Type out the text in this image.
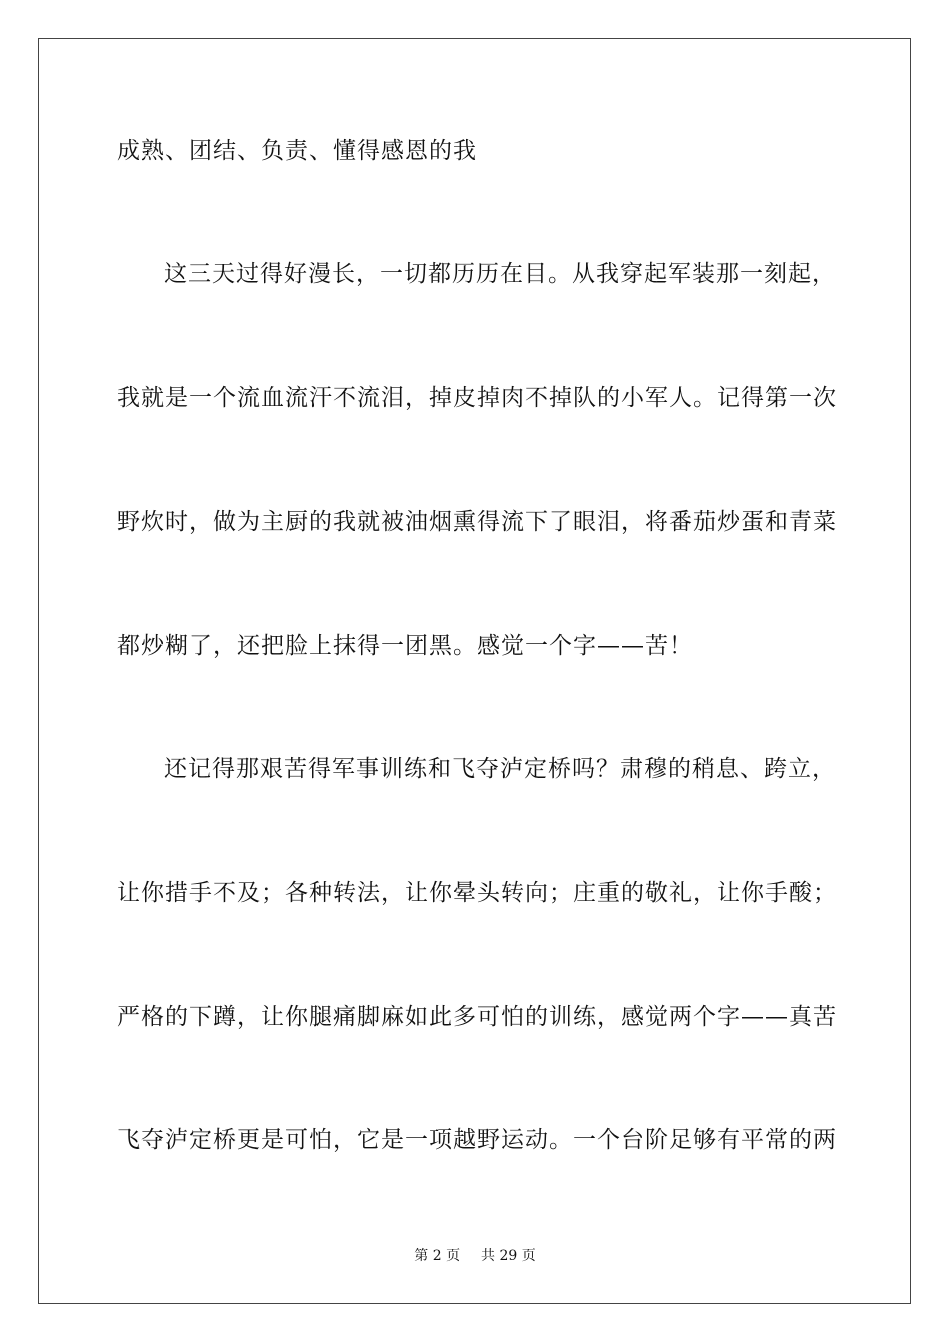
成熟、团结、负责、懂得感恩的我
这三天过得好漫长，一切都历历在目。从我穿起军装那一刻起，
我就是一个流血流汗不流泪，掉皮掉肉不掉队的小军人。记得第一次
野炊时，做为主厨的我就被油烟熏得流下了眼泪，将番茄炒蛋和青菜
都炒糊了，还把脸上抹得一团黑。感觉一个字——苦！
还记得那艰苦得军事训练和飞夺泸定桥吗？肃穆的稍息、跨立，
让你措手不及；各种转法，让你晕头转向；庄重的敬礼，让你手酸；
严格的下蹲，让你腿痛脚麻如此多可怕的训练，感觉两个字——真苦
飞夺泸定桥更是可怕，它是一项越野运动。一个台阶足够有平常的两
第 2 页 共 29 页
